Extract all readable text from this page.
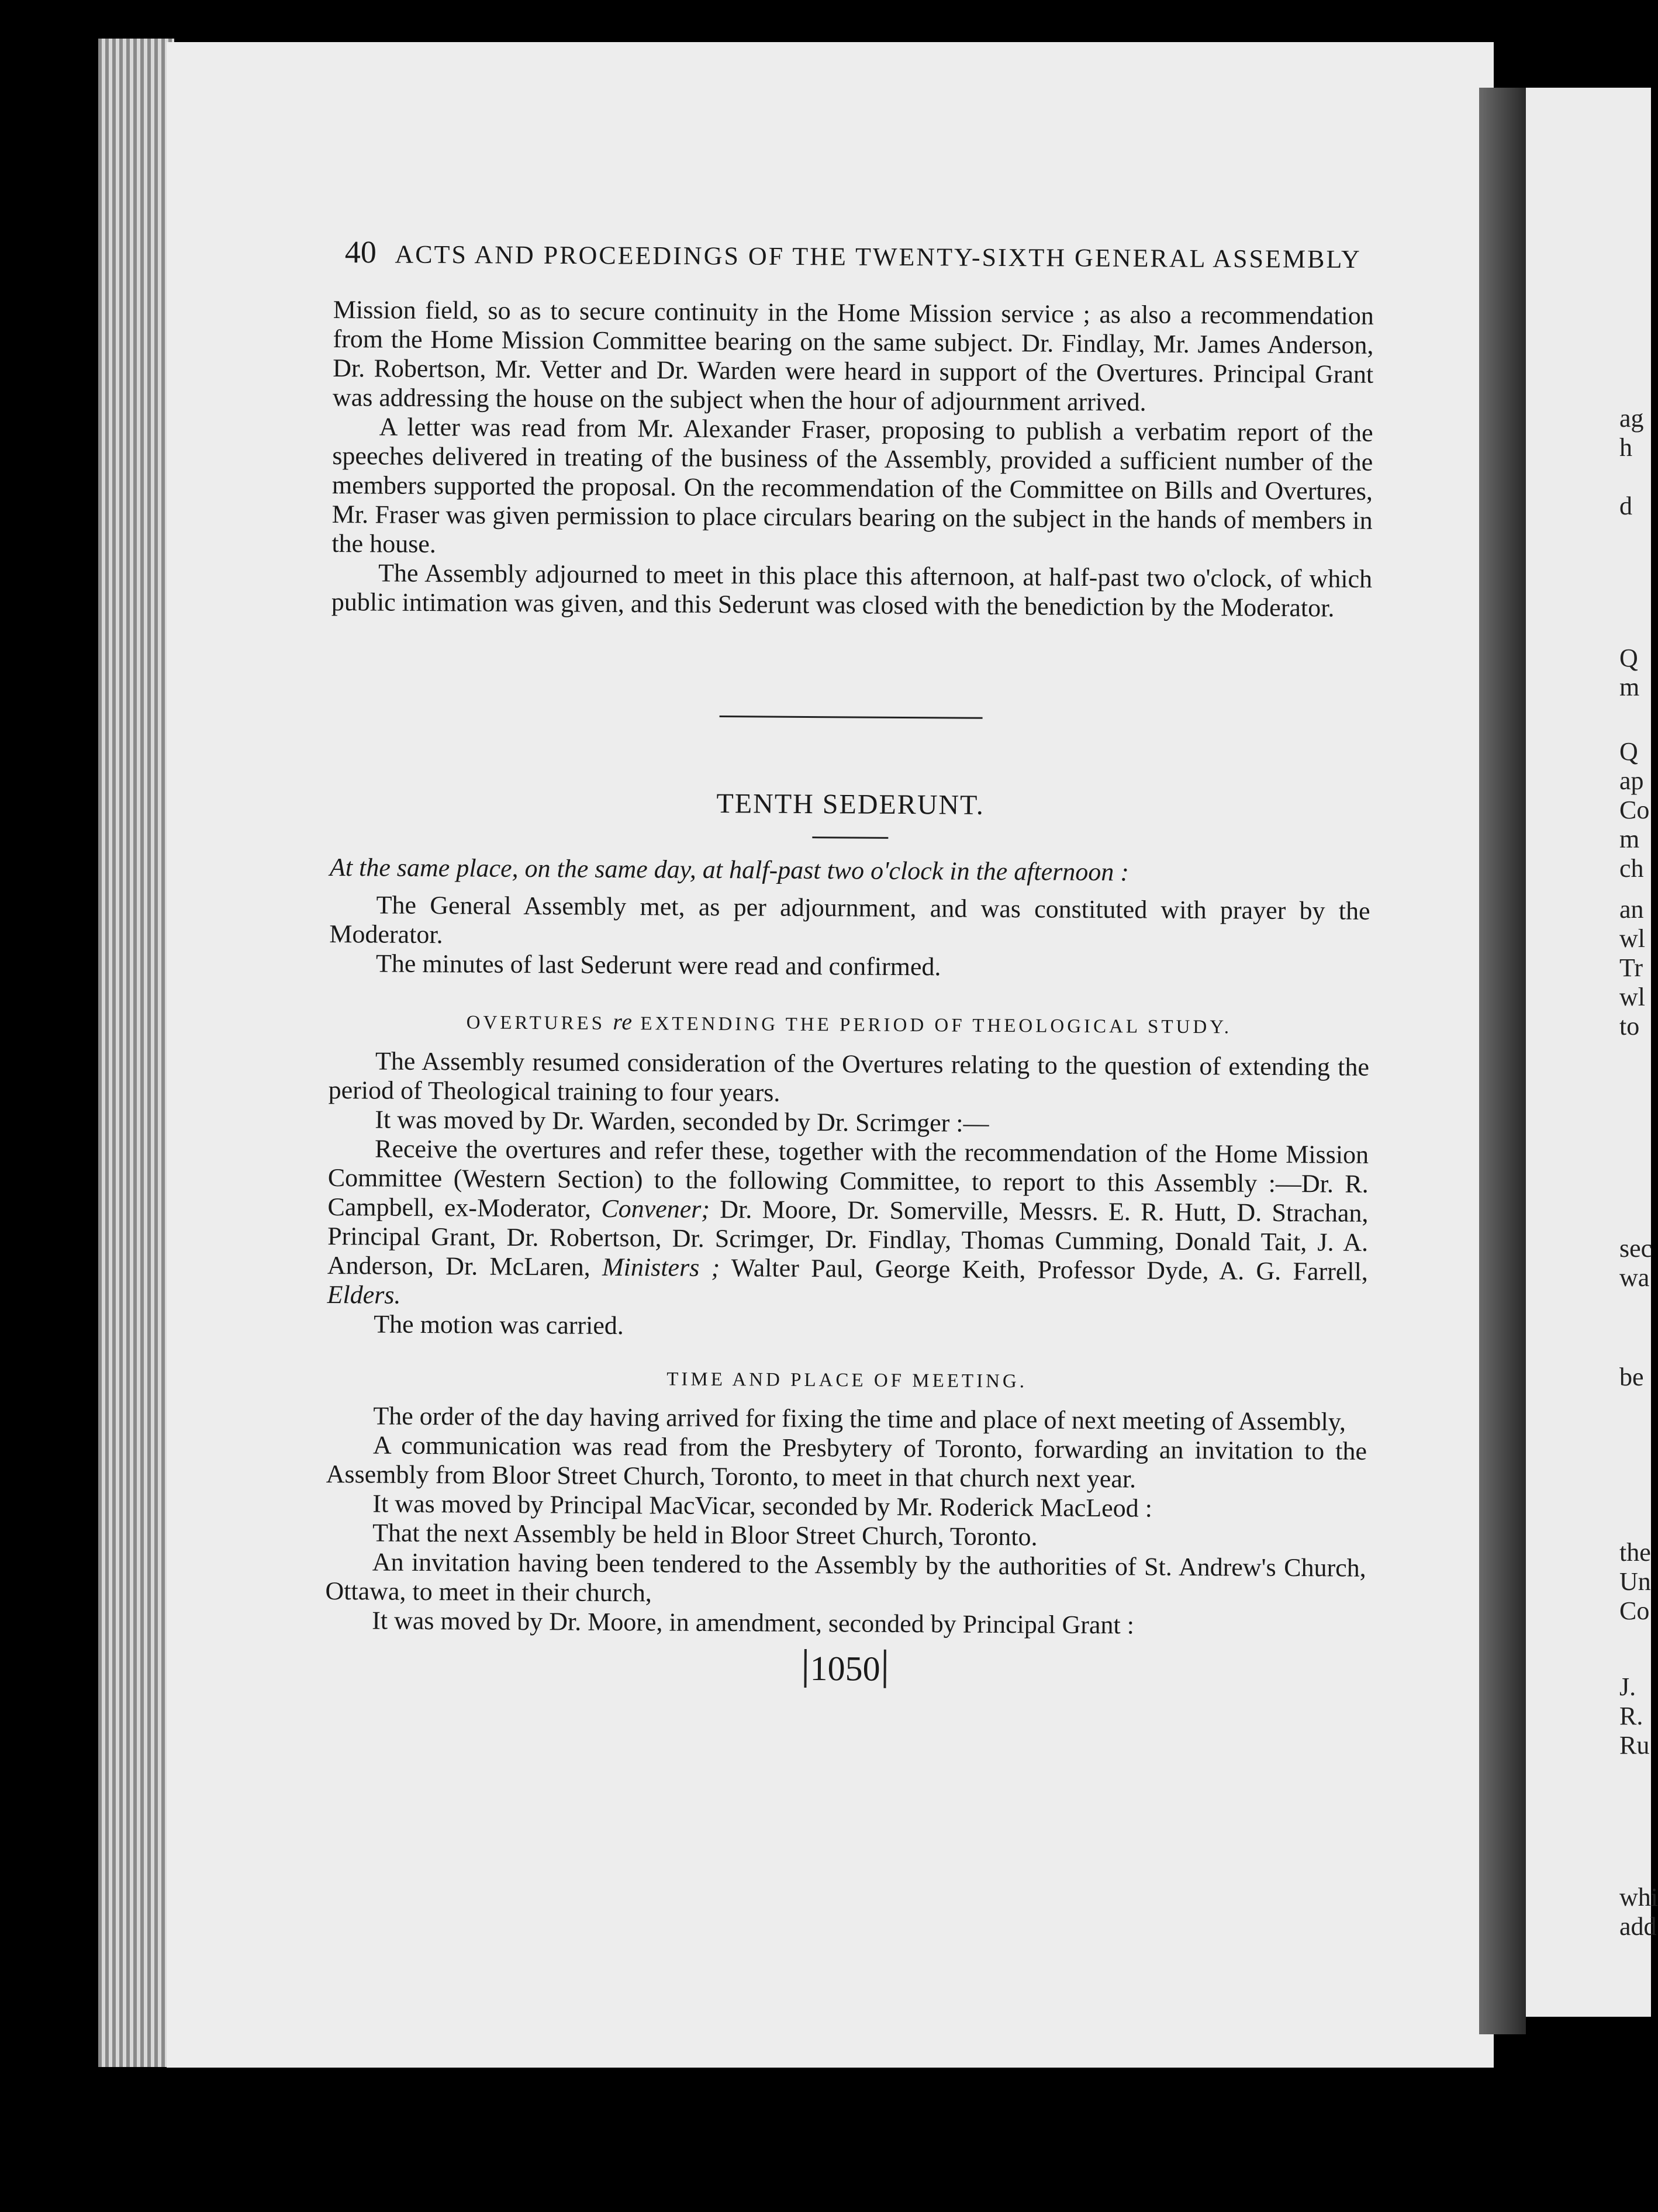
ag
h
d
Q
m
Q
ap
Co
m
ch
an
wl
Tr
wl
to
sec
wa
be
the
Un
Co
J.
R.
Ru
whi
add
40 ACTS AND PROCEEDINGS OF THE TWENTY-SIXTH GENERAL ASSEMBLY

Mission field, so as to secure continuity in the Home Mission service ; as also a recommendation from the Home Mission Committee bearing on the same subject. Dr. Findlay, Mr. James Anderson, Dr. Robertson, Mr. Vetter and Dr. Warden were heard in support of the Overtures. Principal Grant was addressing the house on the subject when the hour of adjournment arrived.

A letter was read from Mr. Alexander Fraser, proposing to publish a verbatim report of the speeches delivered in treating of the business of the Assembly, provided a sufficient number of the members supported the proposal. On the recommendation of the Committee on Bills and Overtures, Mr. Fraser was given permission to place circulars bearing on the subject in the hands of members in the house.

The Assembly adjourned to meet in this place this afternoon, at half-past two o'clock, of which public intimation was given, and this Sederunt was closed with the benediction by the Moderator.

TENTH SEDERUNT.
At the same place, on the same day, at half-past two o'clock in the afternoon :

The General Assembly met, as per adjournment, and was constituted with prayer by the Moderator.

The minutes of last Sederunt were read and confirmed.

OVERTURES re EXTENDING THE PERIOD OF THEOLOGICAL STUDY.

The Assembly resumed consideration of the Overtures relating to the question of extending the period of Theological training to four years.

It was moved by Dr. Warden, seconded by Dr. Scrimger :—

Receive the overtures and refer these, together with the recommendation of the Home Mission Committee (Western Section) to the following Committee, to report to this Assembly :—Dr. R. Campbell, ex-Moderator, Convener; Dr. Moore, Dr. Somerville, Messrs. E. R. Hutt, D. Strachan, Principal Grant, Dr. Robertson, Dr. Scrimger, Dr. Findlay, Thomas Cumming, Donald Tait, J. A. Anderson, Dr. McLaren, Ministers ; Walter Paul, George Keith, Professor Dyde, A. G. Farrell, Elders.

The motion was carried.

TIME AND PLACE OF MEETING.

The order of the day having arrived for fixing the time and place of next meeting of Assembly,

A communication was read from the Presbytery of Toronto, forwarding an invitation to the Assembly from Bloor Street Church, Toronto, to meet in that church next year.

It was moved by Principal MacVicar, seconded by Mr. Roderick MacLeod :

That the next Assembly be held in Bloor Street Church, Toronto.

An invitation having been tendered to the Assembly by the authorities of St. Andrew's Church, Ottawa, to meet in their church,

It was moved by Dr. Moore, in amendment, seconded by Principal Grant :

1050
